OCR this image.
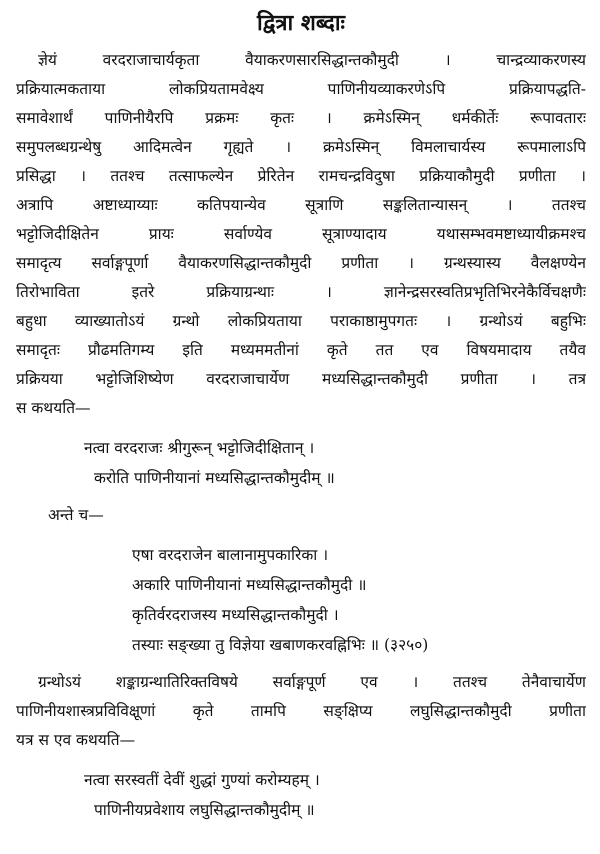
द्वित्रा शब्दाः
ज्ञेयं वरदराजाचार्यकृता वैयाकरणसारसिद्धान्तकौमुदी । चान्द्रव्याकरणस्य
प्रक्रियात्मकताया लोकप्रियतामवेक्ष्य पाणिनीयव्याकरणेऽपि प्रक्रियापद्धति-
समावेशार्थं पाणिनीयैरपि प्रक्रमः कृतः । क्रमेऽस्मिन् धर्मकीर्तेः रूपावतारः
समुपलब्धग्रन्थेषु आदिमत्वेन गृह्यते । क्रमेऽस्मिन् विमलाचार्यस्य रूपमालाऽपि
प्रसिद्धा । ततश्च तत्साफल्येन प्रेरितेन रामचन्द्रविदुषा प्रक्रियाकौमुदी प्रणीता ।
अत्रापि अष्टाध्याय्याः कतिपयान्येव सूत्राणि सङ्कलितान्यासन् । ततश्च
भट्टोजिदीक्षितेन प्रायः सर्वाण्येव सूत्राण्यादाय यथासम्भवमष्टाध्यायीक्रमश्च
समादृत्य सर्वाङ्गपूर्णा वैयाकरणसिद्धान्तकौमुदी प्रणीता । ग्रन्थस्यास्य वैलक्षण्येन
तिरोभाविता इतरे प्रक्रियाग्रन्थाः । ज्ञानेन्द्रसरस्वतिप्रभृतिभिरनेकैर्विचक्षणैः
बहुधा व्याख्यातोऽयं ग्रन्थो लोकप्रियताया पराकाष्ठामुपगतः । ग्रन्थोऽयं बहुभिः
समादृतः प्रौढमतिगम्य इति मध्यममतीनां कृते तत एव विषयमादाय तयैव
प्रक्रियया भट्टोजिशिष्येण वरदराजाचार्येण मध्यसिद्धान्तकौमुदी प्रणीता । तत्र
स कथयति—
नत्वा वरदराजः श्रीगुरून् भट्टोजिदीक्षितान् ।
करोति पाणिनीयानां मध्यसिद्धान्तकौमुदीम् ॥
अन्ते च—
एषा वरदराजेन बालानामुपकारिका ।
अकारि पाणिनीयानां मध्यसिद्धान्तकौमुदी ॥
कृतिर्वरदराजस्य मध्यसिद्धान्तकौमुदी ।
तस्याः सङ्ख्या तु विज्ञेया खबाणकरवह्निभिः ॥ (३२५०)
ग्रन्थोऽयं शङ्काग्रन्थातिरिक्तविषये सर्वाङ्गपूर्ण एव । ततश्च तेनैवाचार्येण
पाणिनीयशास्त्रप्रविविक्षूणां कृते तामपि सङ्क्षिप्य लघुसिद्धान्तकौमुदी प्रणीता
यत्र स एव कथयति—
नत्वा सरस्वतीं देवीं शुद्धां गुण्यां करोम्यहम् ।
पाणिनीयप्रवेशाय लघुसिद्धान्तकौमुदीम् ॥
